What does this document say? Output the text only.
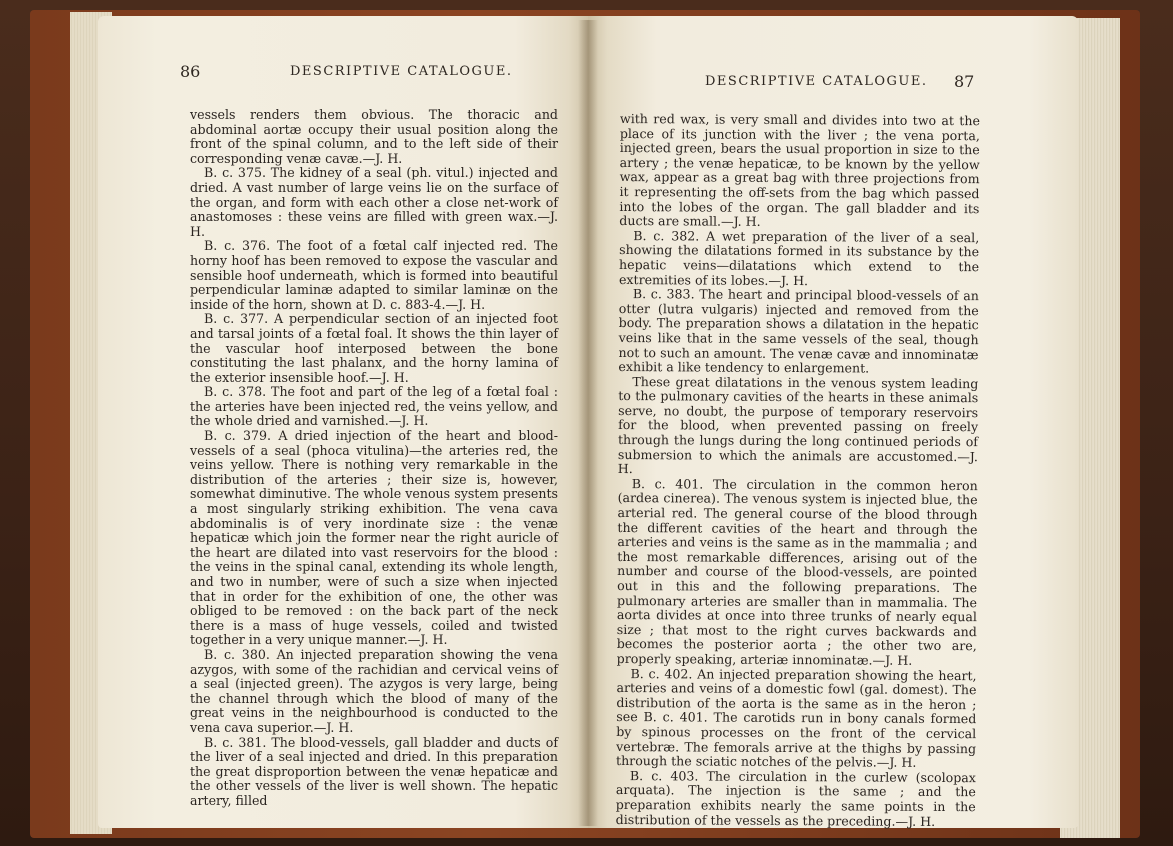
86	DESCRIPTIVE CATALOGUE.
DESCRIPTIVE CATALOGUE. 87

vessels renders them obvious. The thoracic and abdominal aortæ occupy their usual position along the front of the spinal column, and to the left side of their corresponding venæ cavæ.—J. H.

B. c. 375. The kidney of a seal (ph. vitul.) injected and dried. A vast number of large veins lie on the surface of the organ, and form with each other a close net-work of anastomoses : these veins are filled with green wax.—J. H.

B. c. 376. The foot of a fœtal calf injected red. The horny hoof has been removed to expose the vascular and sensible hoof underneath, which is formed into beautiful perpendicular laminæ adapted to similar laminæ on the inside of the horn, shown at D. c. 883-4.—J. H.

B. c. 377. A perpendicular section of an injected foot and tarsal joints of a fœtal foal. It shows the thin layer of the vascular hoof interposed between the bone constituting the last phalanx, and the horny lamina of the exterior insensible hoof.—J. H.

B. c. 378. The foot and part of the leg of a fœtal foal : the arteries have been injected red, the veins yellow, and the whole dried and varnished.—J. H.

B. c. 379. A dried injection of the heart and blood-vessels of a seal (phoca vitulina)—the arteries red, the veins yellow. There is nothing very remarkable in the distribution of the arteries ; their size is, however, somewhat diminutive. The whole venous system presents a most singularly striking exhibition. The vena cava abdominalis is of very inordinate size : the venæ hepaticæ which join the former near the right auricle of the heart are dilated into vast reservoirs for the blood : the veins in the spinal canal, extending its whole length, and two in number, were of such a size when injected that in order for the exhibition of one, the other was obliged to be removed : on the back part of the neck there is a mass of huge vessels, coiled and twisted together in a very unique manner.—J. H.

B. c. 380. An injected preparation showing the vena azygos, with some of the rachidian and cervical veins of a seal (injected green). The azygos is very large, being the channel through which the blood of many of the great veins in the neighbourhood is conducted to the vena cava superior.—J. H.

B. c. 381. The blood-vessels, gall bladder and ducts of the liver of a seal injected and dried. In this preparation the great disproportion between the venæ hepaticæ and the other vessels of the liver is well shown. The hepatic artery, filled

with red wax, is very small and divides into two at the place of its junction with the liver ; the vena porta, injected green, bears the usual proportion in size to the artery ; the venæ hepaticæ, to be known by the yellow wax, appear as a great bag with three projections from it representing the off-sets from the bag which passed into the lobes of the organ. The gall bladder and its ducts are small.—J. H.

B. c. 382. A wet preparation of the liver of a seal, showing the dilatations formed in its substance by the hepatic veins—dilatations which extend to the extremities of its lobes.—J. H.

B. c. 383. The heart and principal blood-vessels of an otter (lutra vulgaris) injected and removed from the body. The preparation shows a dilatation in the hepatic veins like that in the same vessels of the seal, though not to such an amount. The venæ cavæ and innominatæ exhibit a like tendency to enlargement.

These great dilatations in the venous system leading to the pulmonary cavities of the hearts in these animals serve, no doubt, the purpose of temporary reservoirs for the blood, when prevented passing on freely through the lungs during the long continued periods of submersion to which the animals are accustomed.—J. H.

B. c. 401. The circulation in the common heron (ardea cinerea). The venous system is injected blue, the arterial red. The general course of the blood through the different cavities of the heart and through the arteries and veins is the same as in the mammalia ; and the most remarkable differences, arising out of the number and course of the blood-vessels, are pointed out in this and the following preparations. The pulmonary arteries are smaller than in mammalia. The aorta divides at once into three trunks of nearly equal size ; that most to the right curves backwards and becomes the posterior aorta ; the other two are, properly speaking, arteriæ innominatæ.—J. H.

B. c. 402. An injected preparation showing the heart, arteries and veins of a domestic fowl (gal. domest). The distribution of the aorta is the same as in the heron ; see B. c. 401. The carotids run in bony canals formed by spinous processes on the front of the cervical vertebræ. The femorals arrive at the thighs by passing through the sciatic notches of the pelvis.—J. H.

B. c. 403. The circulation in the curlew (scolopax arquata). The injection is the same ; and the preparation exhibits nearly the same points in the distribution of the vessels as the preceding.—J. H.
